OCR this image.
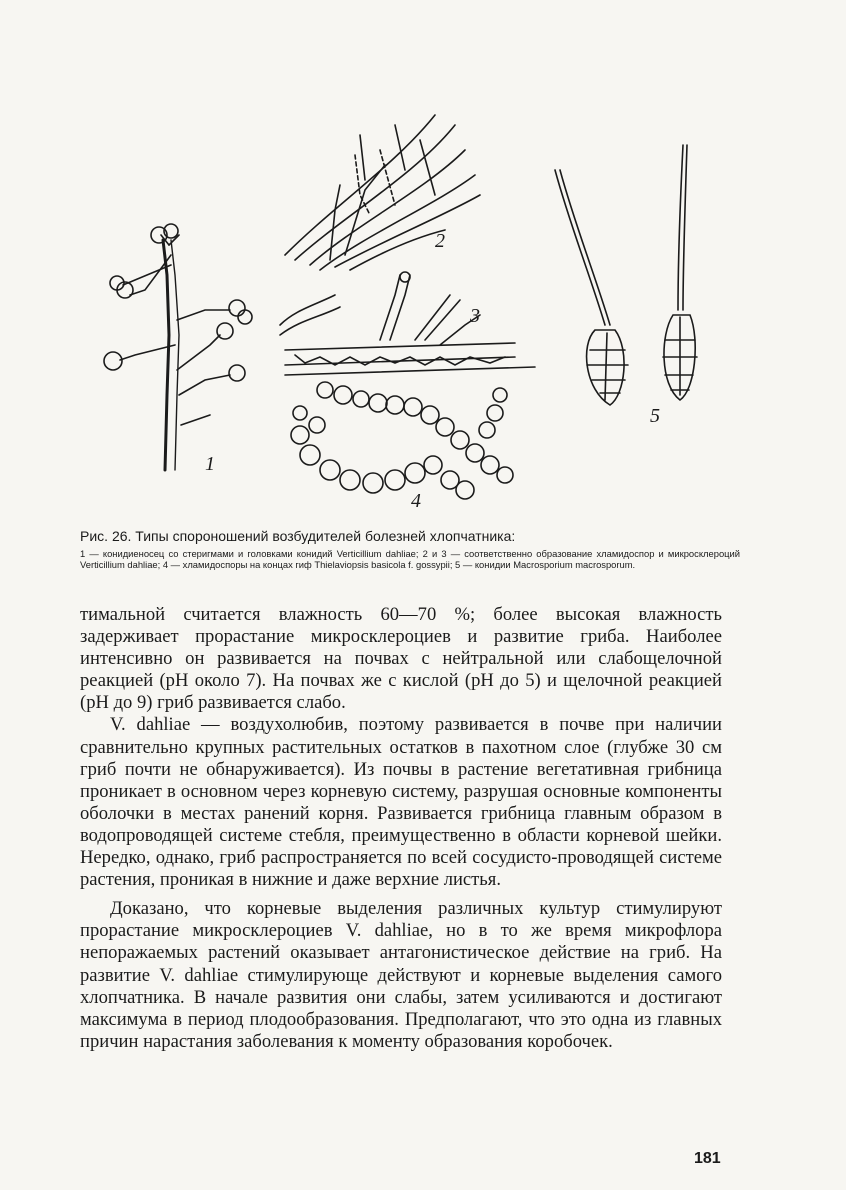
1
2
3
4
5

Рис. 26. Типы спороношений возбудителей болезней хлопчатника:

1 — конидиеносец со стеригмами и головками конидий Verticillium dahliae; 2 и 3 — соответственно образование хламидоспор и микросклероций Verticillium dahliae; 4 — хламидоспоры на концах гиф Thielaviopsis basicola f. gossypii; 5 — конидии Macrosporium macrosporum.

тимальной считается влажность 60—70 %; более высокая влажность задерживает прорастание микросклероциев и развитие гриба. Наиболее интенсивно он развивается на почвах с нейтральной или слабощелочной реакцией (pH около 7). На почвах же с кислой (pH до 5) и щелочной реакцией (pH до 9) гриб развивается слабо.

V. dahliae — воздухолюбив, поэтому развивается в почве при наличии сравнительно крупных растительных остатков в пахотном слое (глубже 30 см гриб почти не обнаруживается). Из почвы в растение вегетативная грибница проникает в основном через корневую систему, разрушая основные компоненты оболочки в местах ранений корня. Развивается грибница главным образом в водопроводящей системе стебля, преимущественно в области корневой шейки. Нередко, однако, гриб распространяется по всей сосудисто-проводящей системе растения, проникая в нижние и даже верхние листья.

Доказано, что корневые выделения различных культур стимулируют прорастание микросклероциев V. dahliae, но в то же время микрофлора непоражаемых растений оказывает антагонистическое действие на гриб. На развитие V. dahliae стимулирующе действуют и корневые выделения самого хлопчатника. В начале развития они слабы, затем усиливаются и достигают максимума в период плодообразования. Предполагают, что это одна из главных причин нарастания заболевания к моменту образования коробочек.

181
